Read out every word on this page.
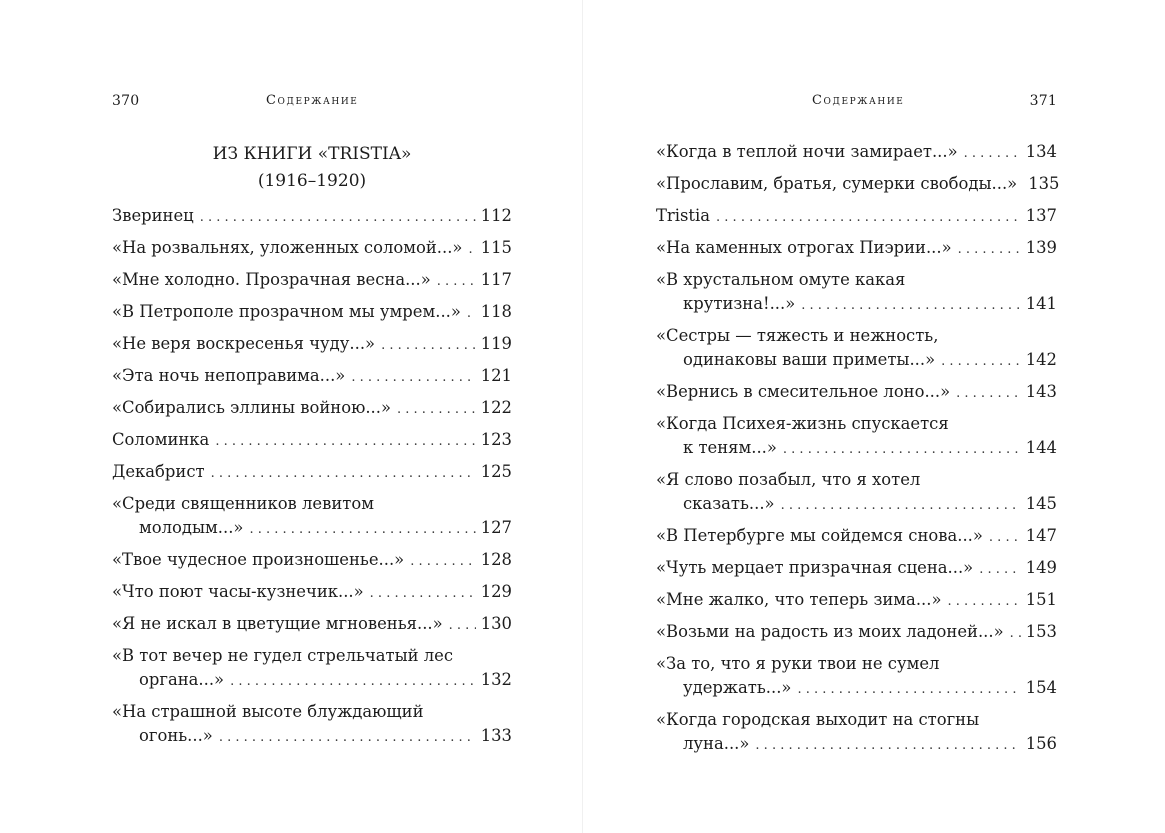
370	содержание
ИЗ КНИГИ «TRISTIA»
(1916–1920)
Зверинец . . .	112
«На розвальнях, уложенных соломой...» . . . 115
«Мне холодно. Прозрачная весна...» . . .	117
«В Петрополе прозрачном мы умрем...» . . . 118
«Не веря воскресенья чуду...» . . .	119
«Эта ночь непоправима...» . . .	121
«Собирались эллины войною...» . . .	122
Соломинка . . .	123
Декабрист . . .	125
«Среди священников левитом
молодым...» . . .	127
«Твое чудесное произношенье...» . . .	128
«Что поют часы-кузнечик...» . . .	129
«Я не искал в цветущие мгновенья...» . . . 130
«В тот вечер не гудел стрельчатый лес
органа...» . . .	132
«На страшной высоте блуждающий
огонь...» . . .	133
Содержание	371
«Когда в теплой ночи замирает...» . . .	134
«Прославим, братья, сумерки свободы...» 135
Tristia . . .	137
«На каменных отрогах Пиэрии...» . . .	139
«В хрустальном омуте какая
крутизна!...» . . .	141
«Сестры — тяжесть и нежность,
одинаковы ваши приметы...» . . .	142
«Вернись в смесительное лоно...» . . .	143
«Когда Психея-жизнь спускается
к теням...» . . .	144
«Я слово позабыл, что я хотел
сказать...» . . .	145
«В Петербурге мы сойдемся снова...» . . .	147
«Чуть мерцает призрачная сцена...» . . .	149
«Мне жалко, что теперь зима...» . . .	151
«Возьми на радость из моих ладоней...» . . . 153
«За то, что я руки твои не сумел
удержать...» . . .	154
«Когда городская выходит на стогны
луна...» . . .	156
